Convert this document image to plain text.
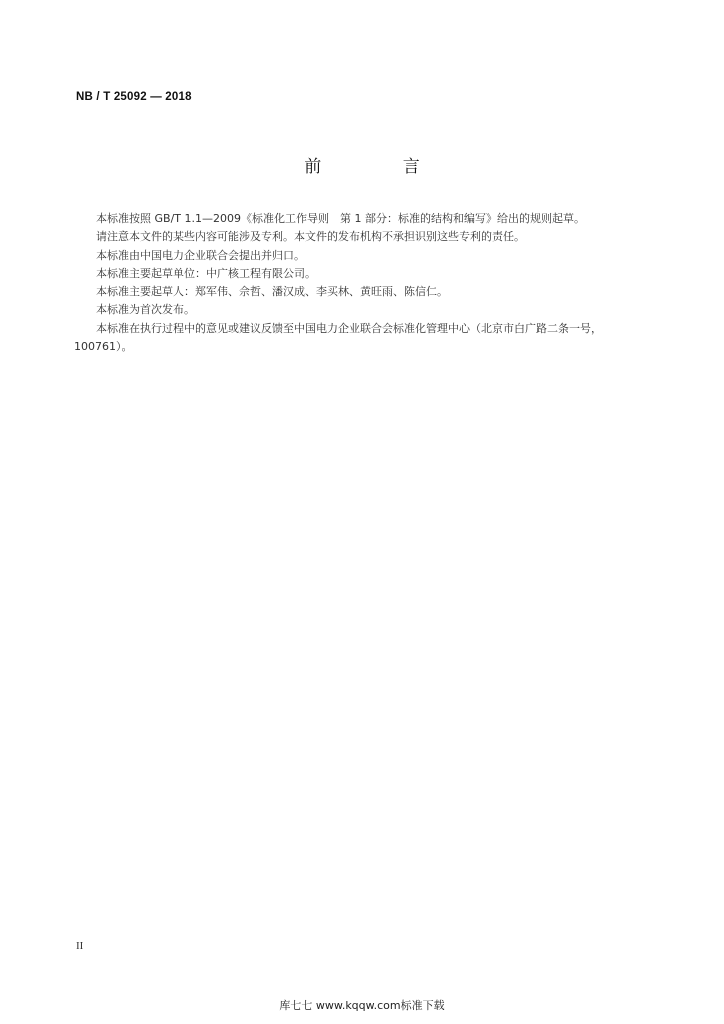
NB / T 25092 — 2018
前 言

本标准按照 GB/T 1.1—2009《标准化工作导则　第 1 部分：标准的结构和编写》给出的规则起草。

请注意本文件的某些内容可能涉及专利。本文件的发布机构不承担识别这些专利的责任。

本标准由中国电力企业联合会提出并归口。

本标准主要起草单位：中广核工程有限公司。

本标准主要起草人：郑军伟、佘哲、潘汉成、李买林、黄旺雨、陈信仁。

本标准为首次发布。

本标准在执行过程中的意见或建议反馈至中国电力企业联合会标准化管理中心（北京市白广路二条一号，100761）。

II
库七七 www.kqqw.com标准下载
